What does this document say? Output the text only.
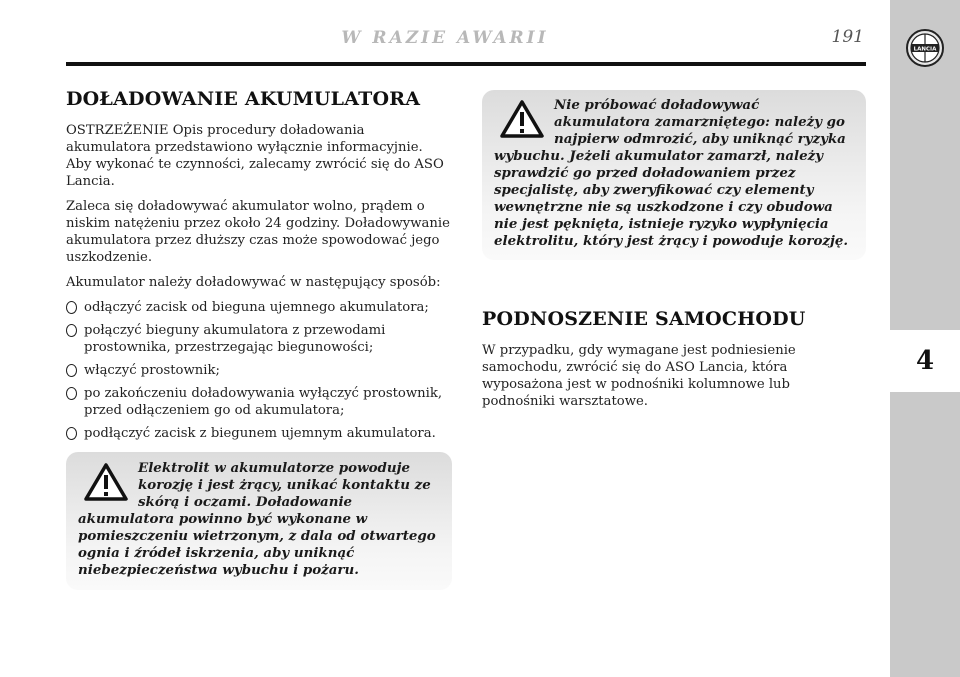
W RAZIE AWARII	191
LANCIA
4
DOŁADOWANIE AKUMULATORA

OSTRZEŻENIE Opis procedury doładowania akumulatora przedstawiono wyłącznie informacyjnie. Aby wykonać te czynności, zalecamy zwrócić się do ASO Lancia.

Zaleca się doładowywać akumulator wolno, prądem o niskim natężeniu przez około 24 godziny. Doładowywanie akumulatora przez dłuższy czas może spowodować jego uszkodzenie.

Akumulator należy doładowywać w następujący sposób:

odłączyć zacisk od bieguna ujemnego akumulatora;
połączyć bieguny akumulatora z przewodami prostownika, przestrzegając biegunowości;
włączyć prostownik;
po zakończeniu doładowywania wyłączyć prostownik, przed odłączeniem go od akumulatora;
podłączyć zacisk z biegunem ujemnym akumulatora.
Elektrolit w akumulatorze powoduje korozję i jest żrący, unikać kontaktu ze skórą i oczami. Doładowanie akumulatora powinno być wykonane w pomieszczeniu wietrzonym, z dala od otwartego ognia i źródeł iskrzenia, aby uniknąć niebezpieczeństwa wybuchu i pożaru.
Nie próbować doładowywać akumulatora zamarzniętego: należy go najpierw odmrozić, aby uniknąć ryzyka wybuchu. Jeżeli akumulator zamarzł, należy sprawdzić go przed doładowaniem przez specjalistę, aby zweryfikować czy elementy wewnętrzne nie są uszkodzone i czy obudowa nie jest pęknięta, istnieje ryzyko wypłynięcia elektrolitu, który jest żrący i powoduje korozję.
PODNOSZENIE SAMOCHODU

W przypadku, gdy wymagane jest podniesienie samochodu, zwrócić się do ASO Lancia, która wyposażona jest w podnośniki kolumnowe lub podnośniki warsztatowe.
